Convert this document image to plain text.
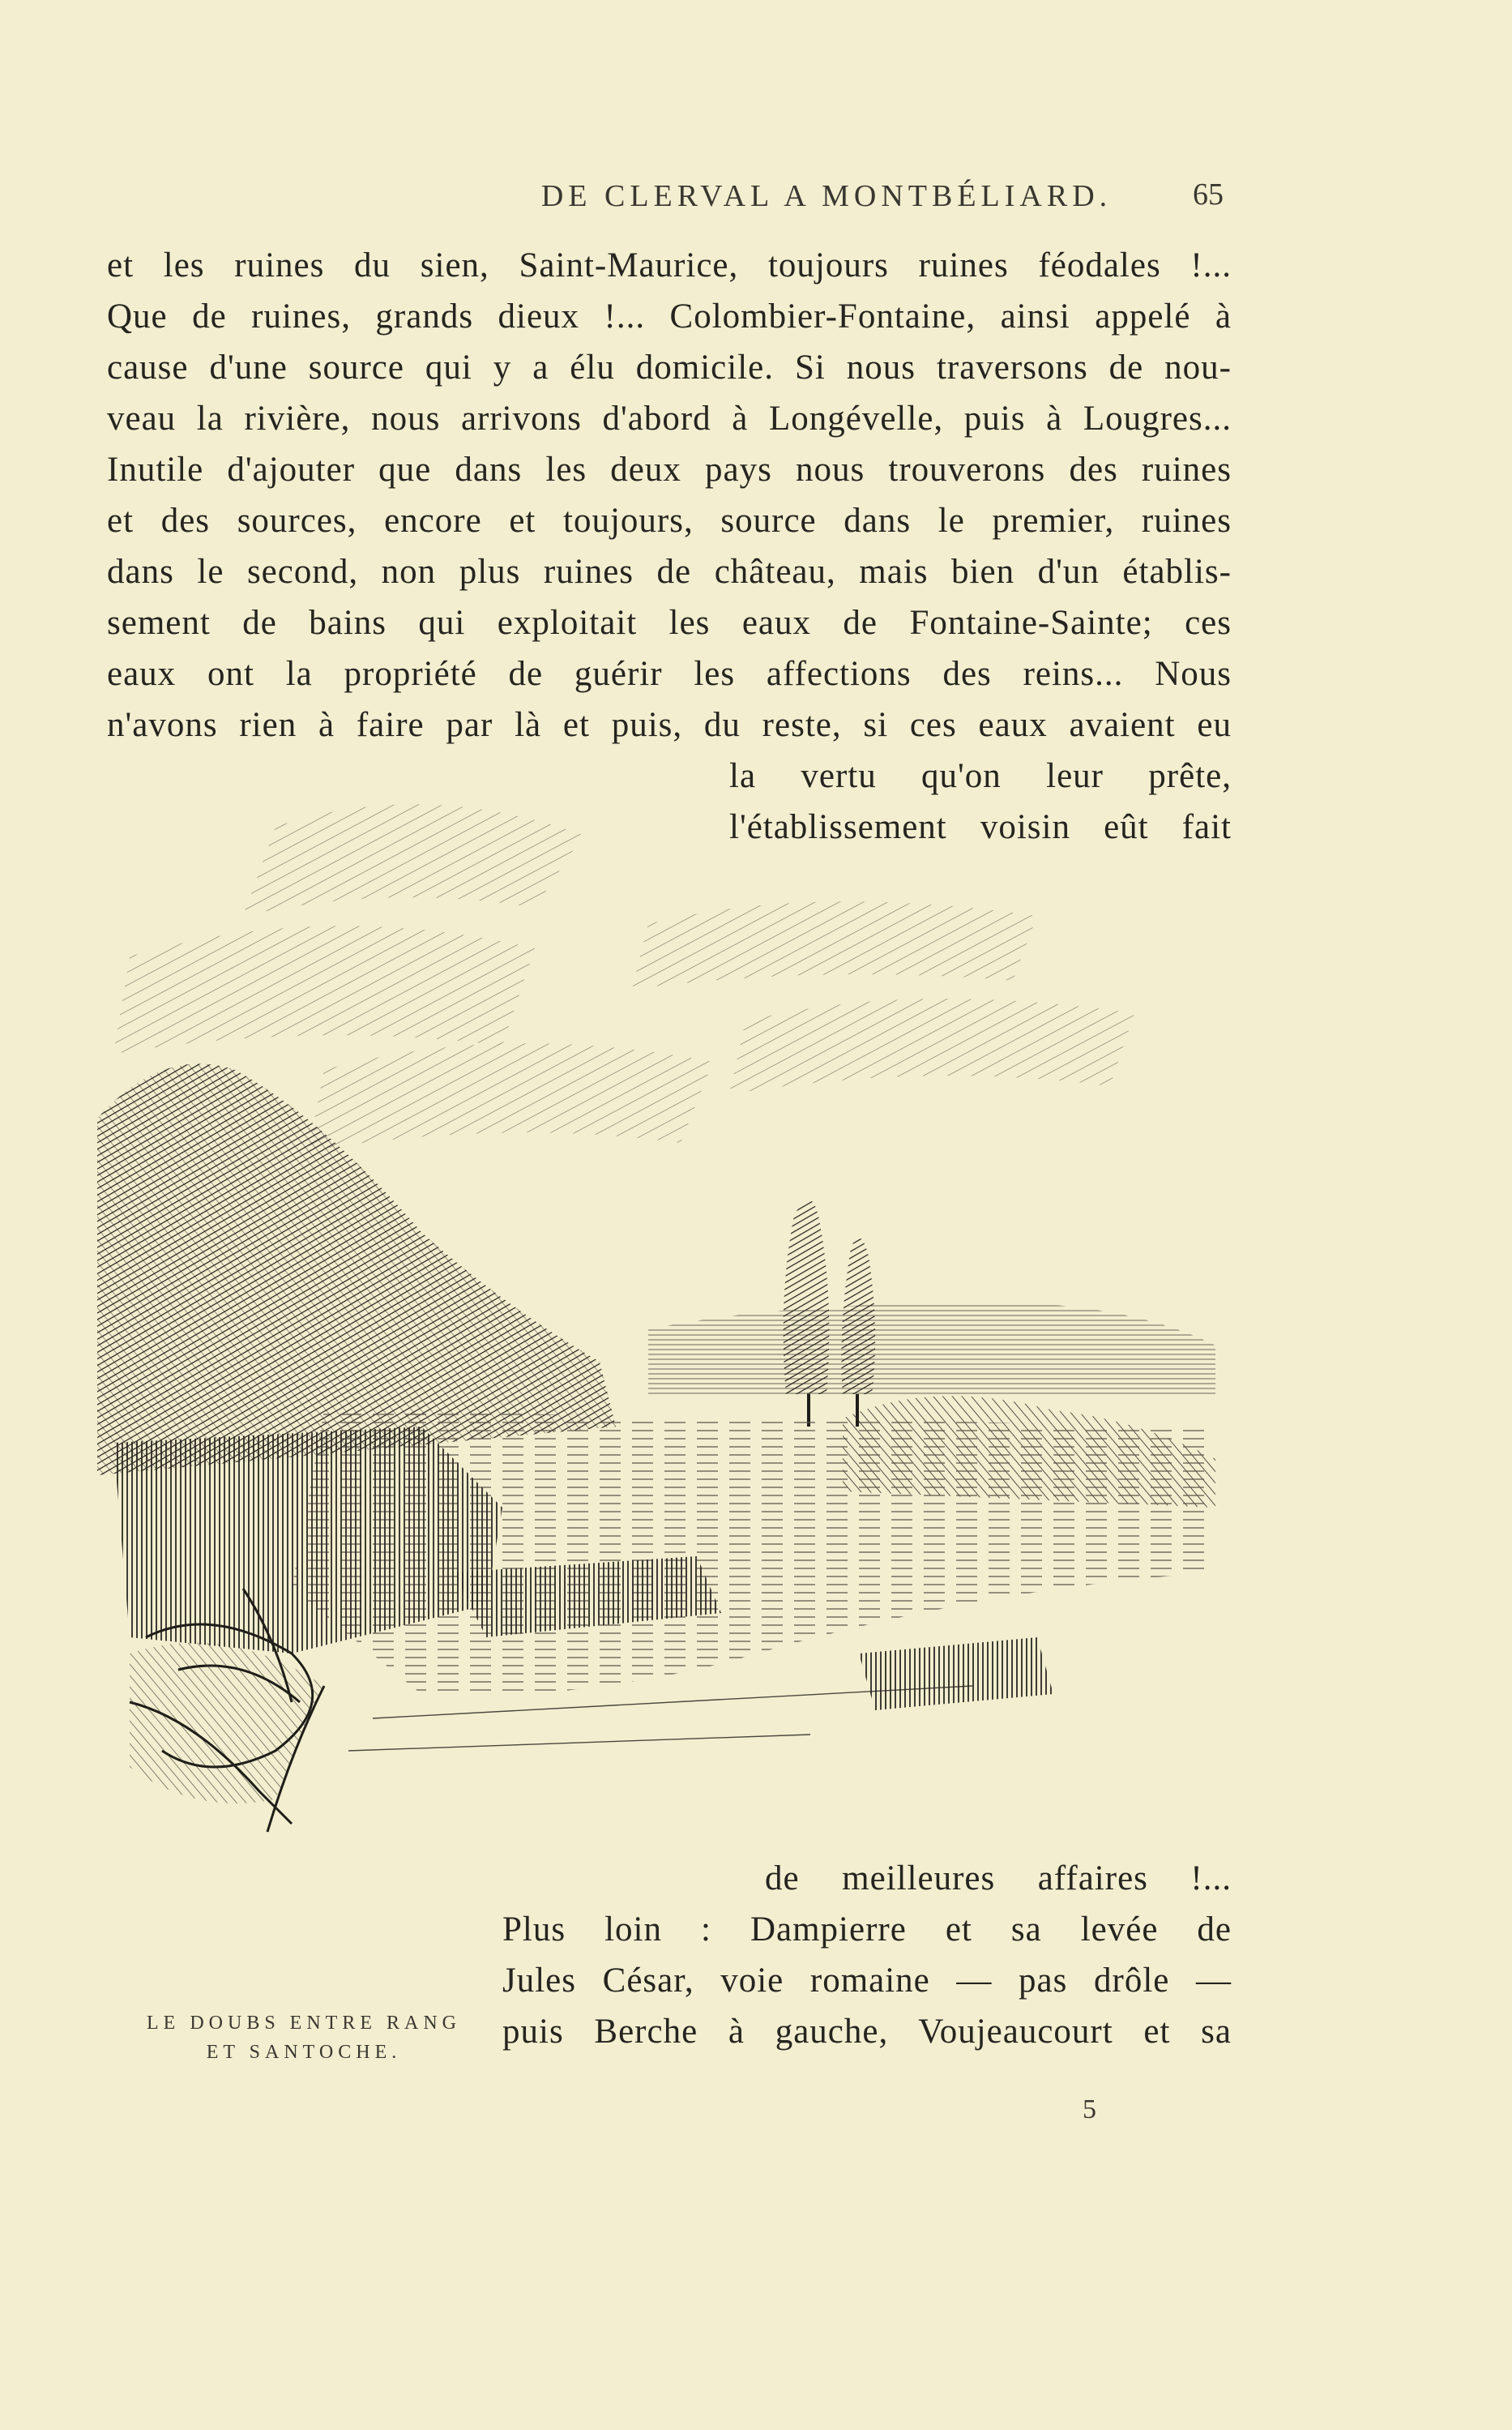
DE CLERVAL A MONTBÉLIARD.	65
et les ruines du sien, Saint-Maurice, toujours ruines féodales !...
Que de ruines, grands dieux !... Colombier-Fontaine, ainsi appelé à
cause d'une source qui y a élu domicile. Si nous traversons de nou-
veau la rivière, nous arrivons d'abord à Longévelle, puis à Lougres...
Inutile d'ajouter que dans les deux pays nous trouverons des ruines
et des sources, encore et toujours, source dans le premier, ruines
dans le second, non plus ruines de château, mais bien d'un établis-
sement de bains qui exploitait les eaux de Fontaine-Sainte; ces
eaux ont la propriété de guérir les affections des reins... Nous
n'avons rien à faire par là et puis, du reste, si ces eaux avaient eu
la vertu qu'on leur prête,
l'établissement voisin eût fait
de meilleures affaires !...
Plus loin : Dampierre et sa levée de
Jules César, voie romaine — pas drôle —
puis Berche à gauche, Voujeaucourt et sa
LE DOUBS ENTRE RANG
ET SANTOCHE.
5
